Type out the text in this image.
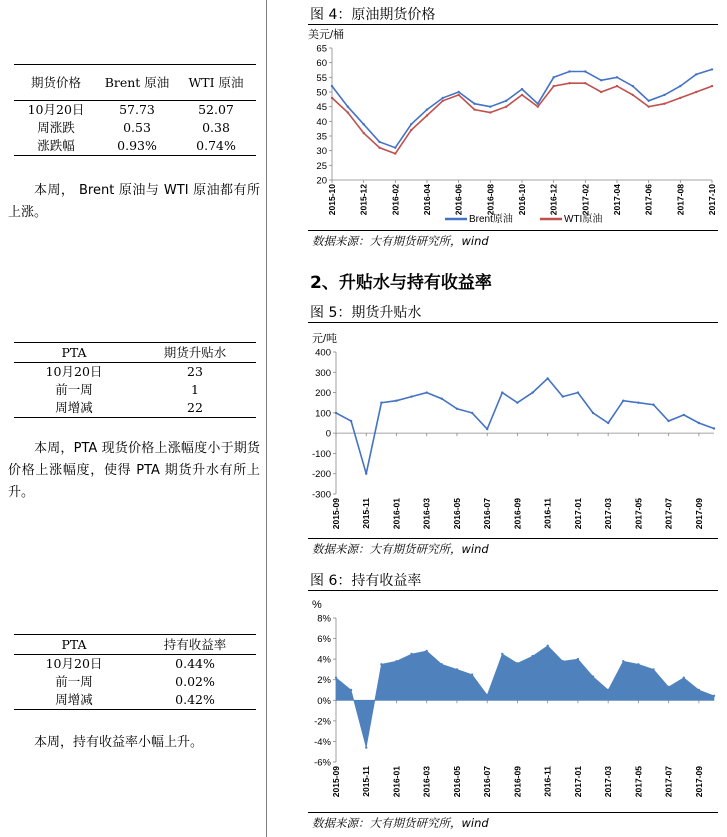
期货价格	Brent 原油	WTI 原油
10月20日	57.73	52.07
周涨跌	0.53	0.38
涨跌幅	0.93%	0.74%

本周， Brent 原油与 WTI 原油都有所上涨。

PTA	期货升贴水
10月20日	23
前一周	1
周增减	22

本周，PTA 现货价格上涨幅度小于期货价格上涨幅度，使得 PTA 期货升水有所上升。

PTA	持有收益率
10月20日	0.44%
前一周	0.02%
周增减	0.42%

本周，持有收益率小幅上升。

图 4：原油期货价格
美元/桶
20
25
30
35
40
45
50
55
60
65
2015-10	2015-12	2016-02	2016-04	2016-06	2016-08	2016-10	2016-12	2017-02	2017-04	2017-06	2017-08	2017-10
Brent原油	WTI原油
数据来源：大有期货研究所，wind
2、升贴水与持有收益率
图 5：期货升贴水
元/吨
-300
-200
-100
0
100
200
300
400
2015-09 2015-11 2016-01 2016-03 2016-05 2016-07 2016-09 2016-11 2017-01 2017-03 2017-05 2017-07 2017-09
数据来源：大有期货研究所，wind
图 6：持有收益率
%
-6%
-4%
-2%
0%
2%
4%
6%
8%
2015-09 2015-11 2016-01 2016-03 2016-05 2016-07 2016-09 2016-11 2017-01 2017-03 2017-05 2017-07 2017-09
数据来源：大有期货研究所，wind
